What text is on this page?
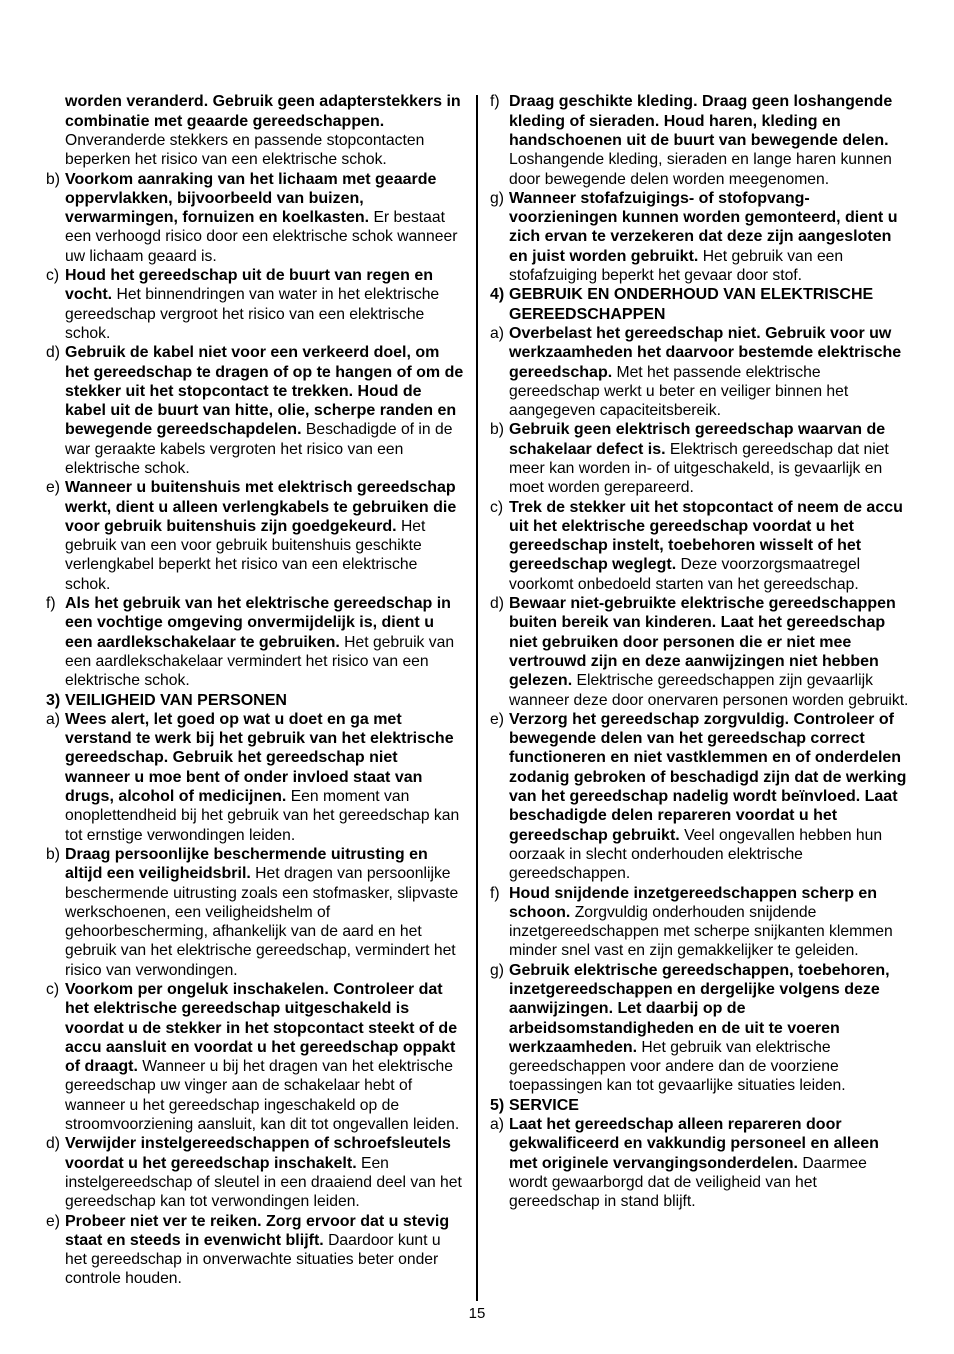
worden veranderd. Gebruik geen adapterstekkers in
combinatie met geaarde gereedschappen.
Onveranderde stekkers en passende stopcontacten
beperken het risico van een elektrische schok.
b) Voorkom aanraking van het lichaam met geaarde
oppervlakken, bijvoorbeeld van buizen,
verwarmingen, fornuizen en koelkasten. Er bestaat
een verhoogd risico door een elektrische schok wanneer
uw lichaam geaard is.
c) Houd het gereedschap uit de buurt van regen en
vocht. Het binnendringen van water in het elektrische
gereedschap vergroot het risico van een elektrische
schok.
d) Gebruik de kabel niet voor een verkeerd doel, om
het gereedschap te dragen of op te hangen of om de
stekker uit het stopcontact te trekken. Houd de
kabel uit de buurt van hitte, olie, scherpe randen en
bewegende gereedschapdelen. Beschadigde of in de
war geraakte kabels vergroten het risico van een
elektrische schok.
e) Wanneer u buitenshuis met elektrisch gereedschap
werkt, dient u alleen verlengkabels te gebruiken die
voor gebruik buitenshuis zijn goedgekeurd. Het
gebruik van een voor gebruik buitenshuis geschikte
verlengkabel beperkt het risico van een elektrische
schok.
f) Als het gebruik van het elektrische gereedschap in
een vochtige omgeving onvermijdelijk is, dient u
een aardlekschakelaar te gebruiken. Het gebruik van
een aardlekschakelaar vermindert het risico van een
elektrische schok.
3) VEILIGHEID VAN PERSONEN
a) Wees alert, let goed op wat u doet en ga met
verstand te werk bij het gebruik van het elektrische
gereedschap. Gebruik het gereedschap niet
wanneer u moe bent of onder invloed staat van
drugs, alcohol of medicijnen. Een moment van
onoplettendheid bij het gebruik van het gereedschap kan
tot ernstige verwondingen leiden.
b) Draag persoonlijke beschermende uitrusting en
altijd een veiligheidsbril. Het dragen van persoonlijke
beschermende uitrusting zoals een stofmasker, slipvaste
werkschoenen, een veiligheidshelm of
gehoorbescherming, afhankelijk van de aard en het
gebruik van het elektrische gereedschap, vermindert het
risico van verwondingen.
c) Voorkom per ongeluk inschakelen. Controleer dat
het elektrische gereedschap uitgeschakeld is
voordat u de stekker in het stopcontact steekt of de
accu aansluit en voordat u het gereedschap oppakt
of draagt. Wanneer u bij het dragen van het elektrische
gereedschap uw vinger aan de schakelaar hebt of
wanneer u het gereedschap ingeschakeld op de
stroomvoorziening aansluit, kan dit tot ongevallen leiden.
d) Verwijder instelgereedschappen of schroefsleutels
voordat u het gereedschap inschakelt. Een
instelgereedschap of sleutel in een draaiend deel van het
gereedschap kan tot verwondingen leiden.
e) Probeer niet ver te reiken. Zorg ervoor dat u stevig
staat en steeds in evenwicht blijft. Daardoor kunt u
het gereedschap in onverwachte situaties beter onder
controle houden.
f) Draag geschikte kleding. Draag geen loshangende
kleding of sieraden. Houd haren, kleding en
handschoenen uit de buurt van bewegende delen.
Loshangende kleding, sieraden en lange haren kunnen
door bewegende delen worden meegenomen.
g) Wanneer stofafzuigings- of stofopvang-
voorzieningen kunnen worden gemonteerd, dient u
zich ervan te verzekeren dat deze zijn aangesloten
en juist worden gebruikt. Het gebruik van een
stofafzuiging beperkt het gevaar door stof.
4) GEBRUIK EN ONDERHOUD VAN ELEKTRISCHE
GEREEDSCHAPPEN
a) Overbelast het gereedschap niet. Gebruik voor uw
werkzaamheden het daarvoor bestemde elektrische
gereedschap. Met het passende elektrische
gereedschap werkt u beter en veiliger binnen het
aangegeven capaciteitsbereik.
b) Gebruik geen elektrisch gereedschap waarvan de
schakelaar defect is. Elektrisch gereedschap dat niet
meer kan worden in- of uitgeschakeld, is gevaarlijk en
moet worden gerepareerd.
c) Trek de stekker uit het stopcontact of neem de accu
uit het elektrische gereedschap voordat u het
gereedschap instelt, toebehoren wisselt of het
gereedschap weglegt. Deze voorzorgsmaatregel
voorkomt onbedoeld starten van het gereedschap.
d) Bewaar niet-gebruikte elektrische gereedschappen
buiten bereik van kinderen. Laat het gereedschap
niet gebruiken door personen die er niet mee
vertrouwd zijn en deze aanwijzingen niet hebben
gelezen. Elektrische gereedschappen zijn gevaarlijk
wanneer deze door onervaren personen worden gebruikt.
e) Verzorg het gereedschap zorgvuldig. Controleer of
bewegende delen van het gereedschap correct
functioneren en niet vastklemmen en of onderdelen
zodanig gebroken of beschadigd zijn dat de werking
van het gereedschap nadelig wordt beïnvloed. Laat
beschadigde delen repareren voordat u het
gereedschap gebruikt. Veel ongevallen hebben hun
oorzaak in slecht onderhouden elektrische
gereedschappen.
f) Houd snijdende inzetgereedschappen scherp en
schoon. Zorgvuldig onderhouden snijdende
inzetgereedschappen met scherpe snijkanten klemmen
minder snel vast en zijn gemakkelijker te geleiden.
g) Gebruik elektrische gereedschappen, toebehoren,
inzetgereedschappen en dergelijke volgens deze
aanwijzingen. Let daarbij op de
arbeidsomstandigheden en de uit te voeren
werkzaamheden. Het gebruik van elektrische
gereedschappen voor andere dan de voorziene
toepassingen kan tot gevaarlijke situaties leiden.
5) SERVICE
a) Laat het gereedschap alleen repareren door
gekwalificeerd en vakkundig personeel en alleen
met originele vervangingsonderdelen. Daarmee
wordt gewaarborgd dat de veiligheid van het
gereedschap in stand blijft.
15
